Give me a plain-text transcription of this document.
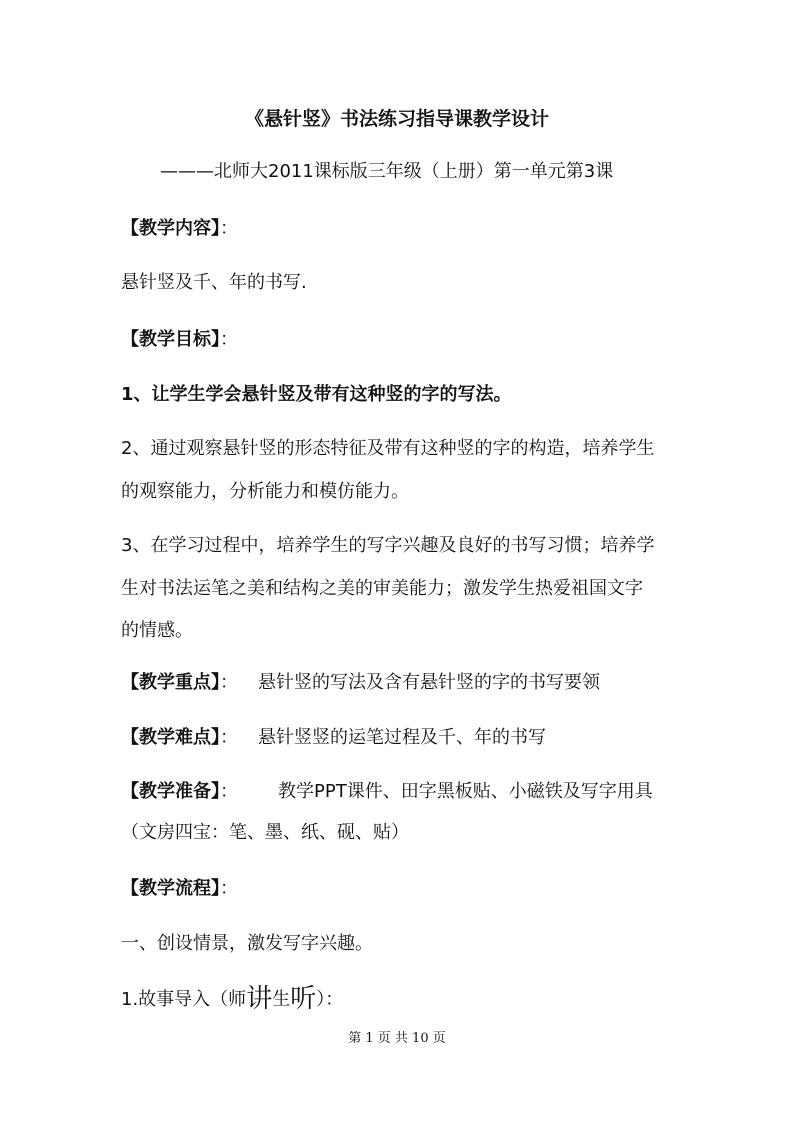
《悬针竖》书法练习指导课教学设计
———北师大2011课标版三年级（上册）第一单元第3课
【教学内容】：
悬针竖及千、年的书写.
【教学目标】：
1、让学生学会悬针竖及带有这种竖的字的写法。
2、通过观察悬针竖的形态特征及带有这种竖的字的构造，培养学生
的观察能力，分析能力和模仿能力。
3、在学习过程中，培养学生的写字兴趣及良好的书写习惯；培养学
生对书法运笔之美和结构之美的审美能力；激发学生热爱祖国文字
的情感。
【教学重点】： 悬针竖的写法及含有悬针竖的字的书写要领
【教学难点】： 悬针竖竖的运笔过程及千、年的书写
【教学准备】： 教学PPT课件、田字黑板贴、小磁铁及写字用具
（文房四宝：笔、墨、纸、砚、贴）
【教学流程】：
一、创设情景，激发写字兴趣。
1.故事导入（师讲生听）：
第 1 页 共 10 页
